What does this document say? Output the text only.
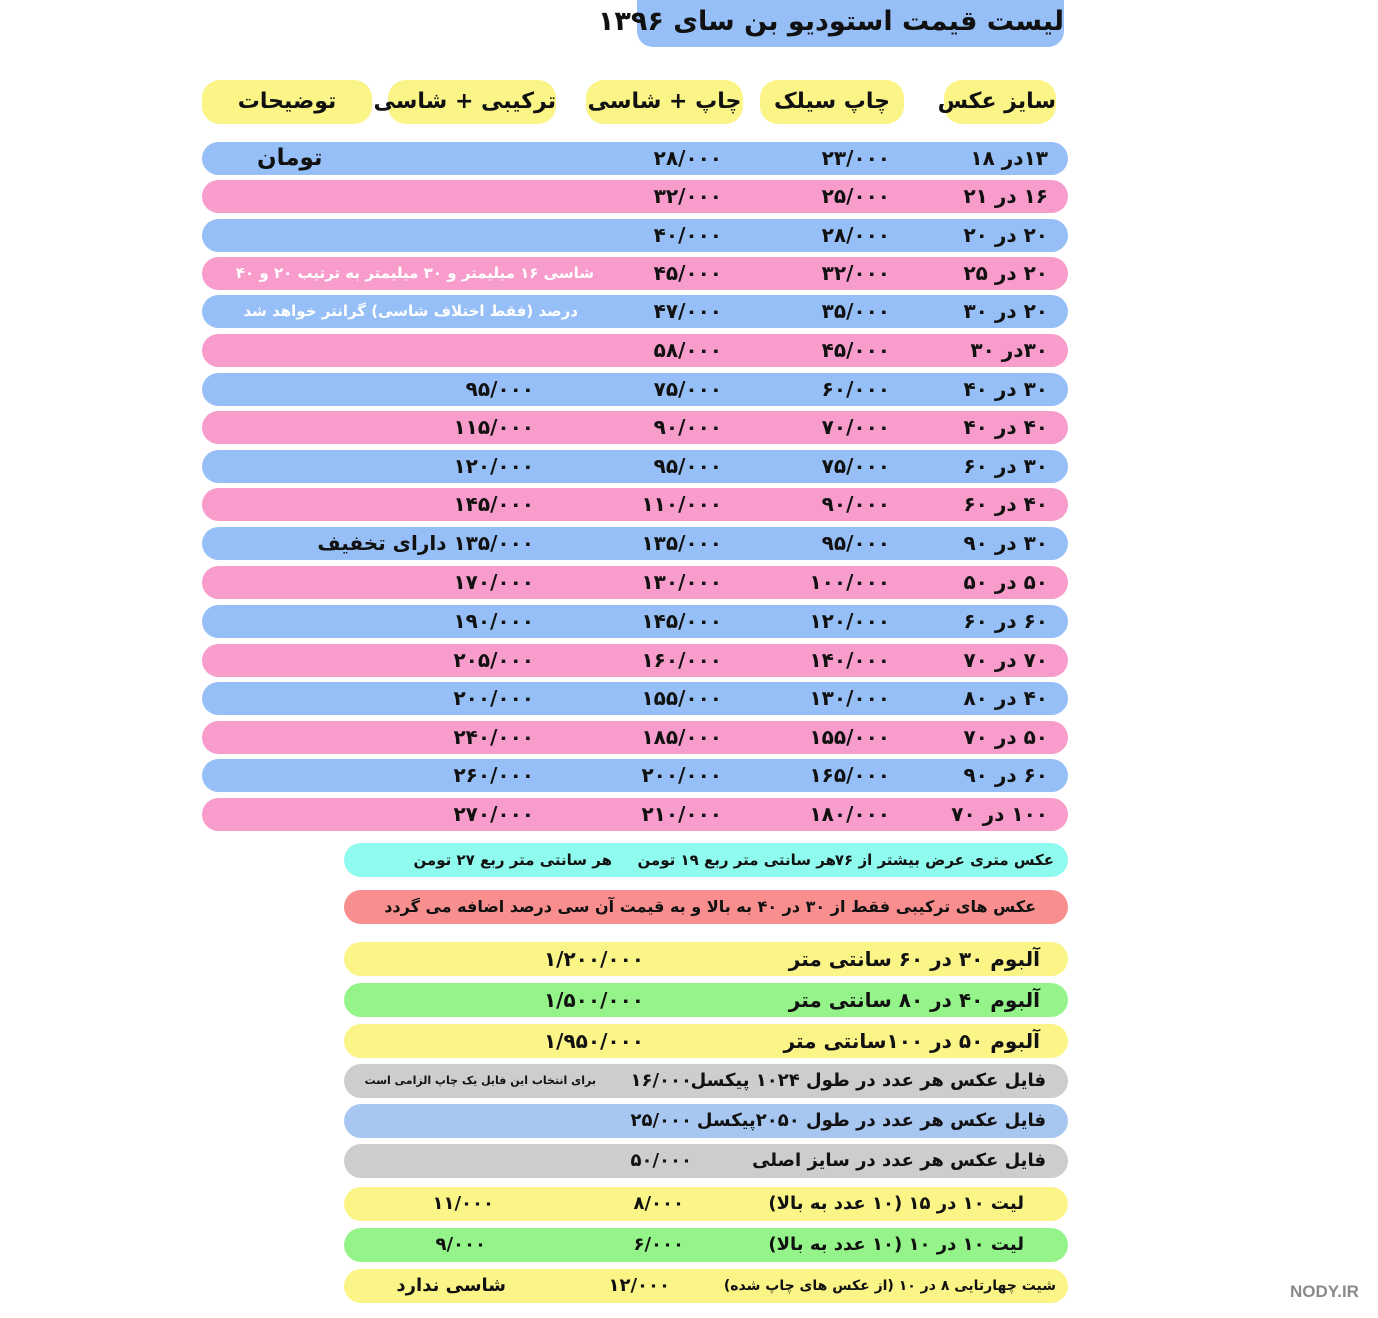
لیست قیمت استودیو بن سای ۱۳۹۶
سایز عکس
چاپ سیلک
چاپ + شاسی
ترکیبی + شاسی
توضیحات
۱۳در ۱۸
۲۳/۰۰۰
۲۸/۰۰۰
تومان
۱۶ در ۲۱
۲۵/۰۰۰
۳۲/۰۰۰
۲۰ در ۲۰
۲۸/۰۰۰
۴۰/۰۰۰
۲۰ در ۲۵
۳۲/۰۰۰
۴۵/۰۰۰
شاسی ۱۶ میلیمتر و ۳۰ میلیمتر به ترتیب ۲۰ و ۴۰
۲۰ در ۳۰
۳۵/۰۰۰
۴۷/۰۰۰
درصد (فقط اختلاف شاسی) گرانتر خواهد شد
۳۰در ۳۰
۴۵/۰۰۰
۵۸/۰۰۰
۳۰ در ۴۰
۶۰/۰۰۰
۷۵/۰۰۰
۹۵/۰۰۰
۴۰ در ۴۰
۷۰/۰۰۰
۹۰/۰۰۰
۱۱۵/۰۰۰
۳۰ در ۶۰
۷۵/۰۰۰
۹۵/۰۰۰
۱۲۰/۰۰۰
۴۰ در ۶۰
۹۰/۰۰۰
۱۱۰/۰۰۰
۱۴۵/۰۰۰
۳۰ در ۹۰
۹۵/۰۰۰
۱۳۵/۰۰۰
۱۳۵/۰۰۰ دارای تخفیف
۵۰ در ۵۰
۱۰۰/۰۰۰
۱۳۰/۰۰۰
۱۷۰/۰۰۰
۶۰ در ۶۰
۱۲۰/۰۰۰
۱۴۵/۰۰۰
۱۹۰/۰۰۰
۷۰ در ۷۰
۱۴۰/۰۰۰
۱۶۰/۰۰۰
۲۰۵/۰۰۰
۴۰ در ۸۰
۱۳۰/۰۰۰
۱۵۵/۰۰۰
۲۰۰/۰۰۰
۵۰ در ۷۰
۱۵۵/۰۰۰
۱۸۵/۰۰۰
۲۴۰/۰۰۰
۶۰ در ۹۰
۱۶۵/۰۰۰
۲۰۰/۰۰۰
۲۶۰/۰۰۰
۱۰۰ در ۷۰
۱۸۰/۰۰۰
۲۱۰/۰۰۰
۲۷۰/۰۰۰
عکس متری عرض بیشتر از ۷۶
هر سانتی متر ربع ۱۹ تومن
هر سانتی متر ربع ۲۷ تومن
عکس های ترکیبی فقط از ۳۰ در ۴۰ به بالا و به قیمت آن سی درصد اضافه می گردد
آلبوم ۳۰ در ۶۰ سانتی متر
۱/۲۰۰/۰۰۰
آلبوم ۴۰ در ۸۰ سانتی متر
۱/۵۰۰/۰۰۰
آلبوم ۵۰ در ۱۰۰سانتی متر
۱/۹۵۰/۰۰۰
فایل عکس هر عدد در طول ۱۰۲۴ پیکسل
۱۶/۰۰۰
برای انتخاب این فایل یک چاپ الزامی است
فایل عکس هر عدد در طول ۲۰۵۰پیکسل
۲۵/۰۰۰
فایل عکس هر عدد در سایز اصلی
۵۰/۰۰۰
لیت ۱۰ در ۱۵ (۱۰ عدد به بالا)
۸/۰۰۰
۱۱/۰۰۰
لیت ۱۰ در ۱۰ (۱۰ عدد به بالا)
۶/۰۰۰
۹/۰۰۰
شیت چهارتایی ۸ در ۱۰ (از عکس های چاپ شده)
۱۲/۰۰۰
شاسی ندارد	NODY.IR
